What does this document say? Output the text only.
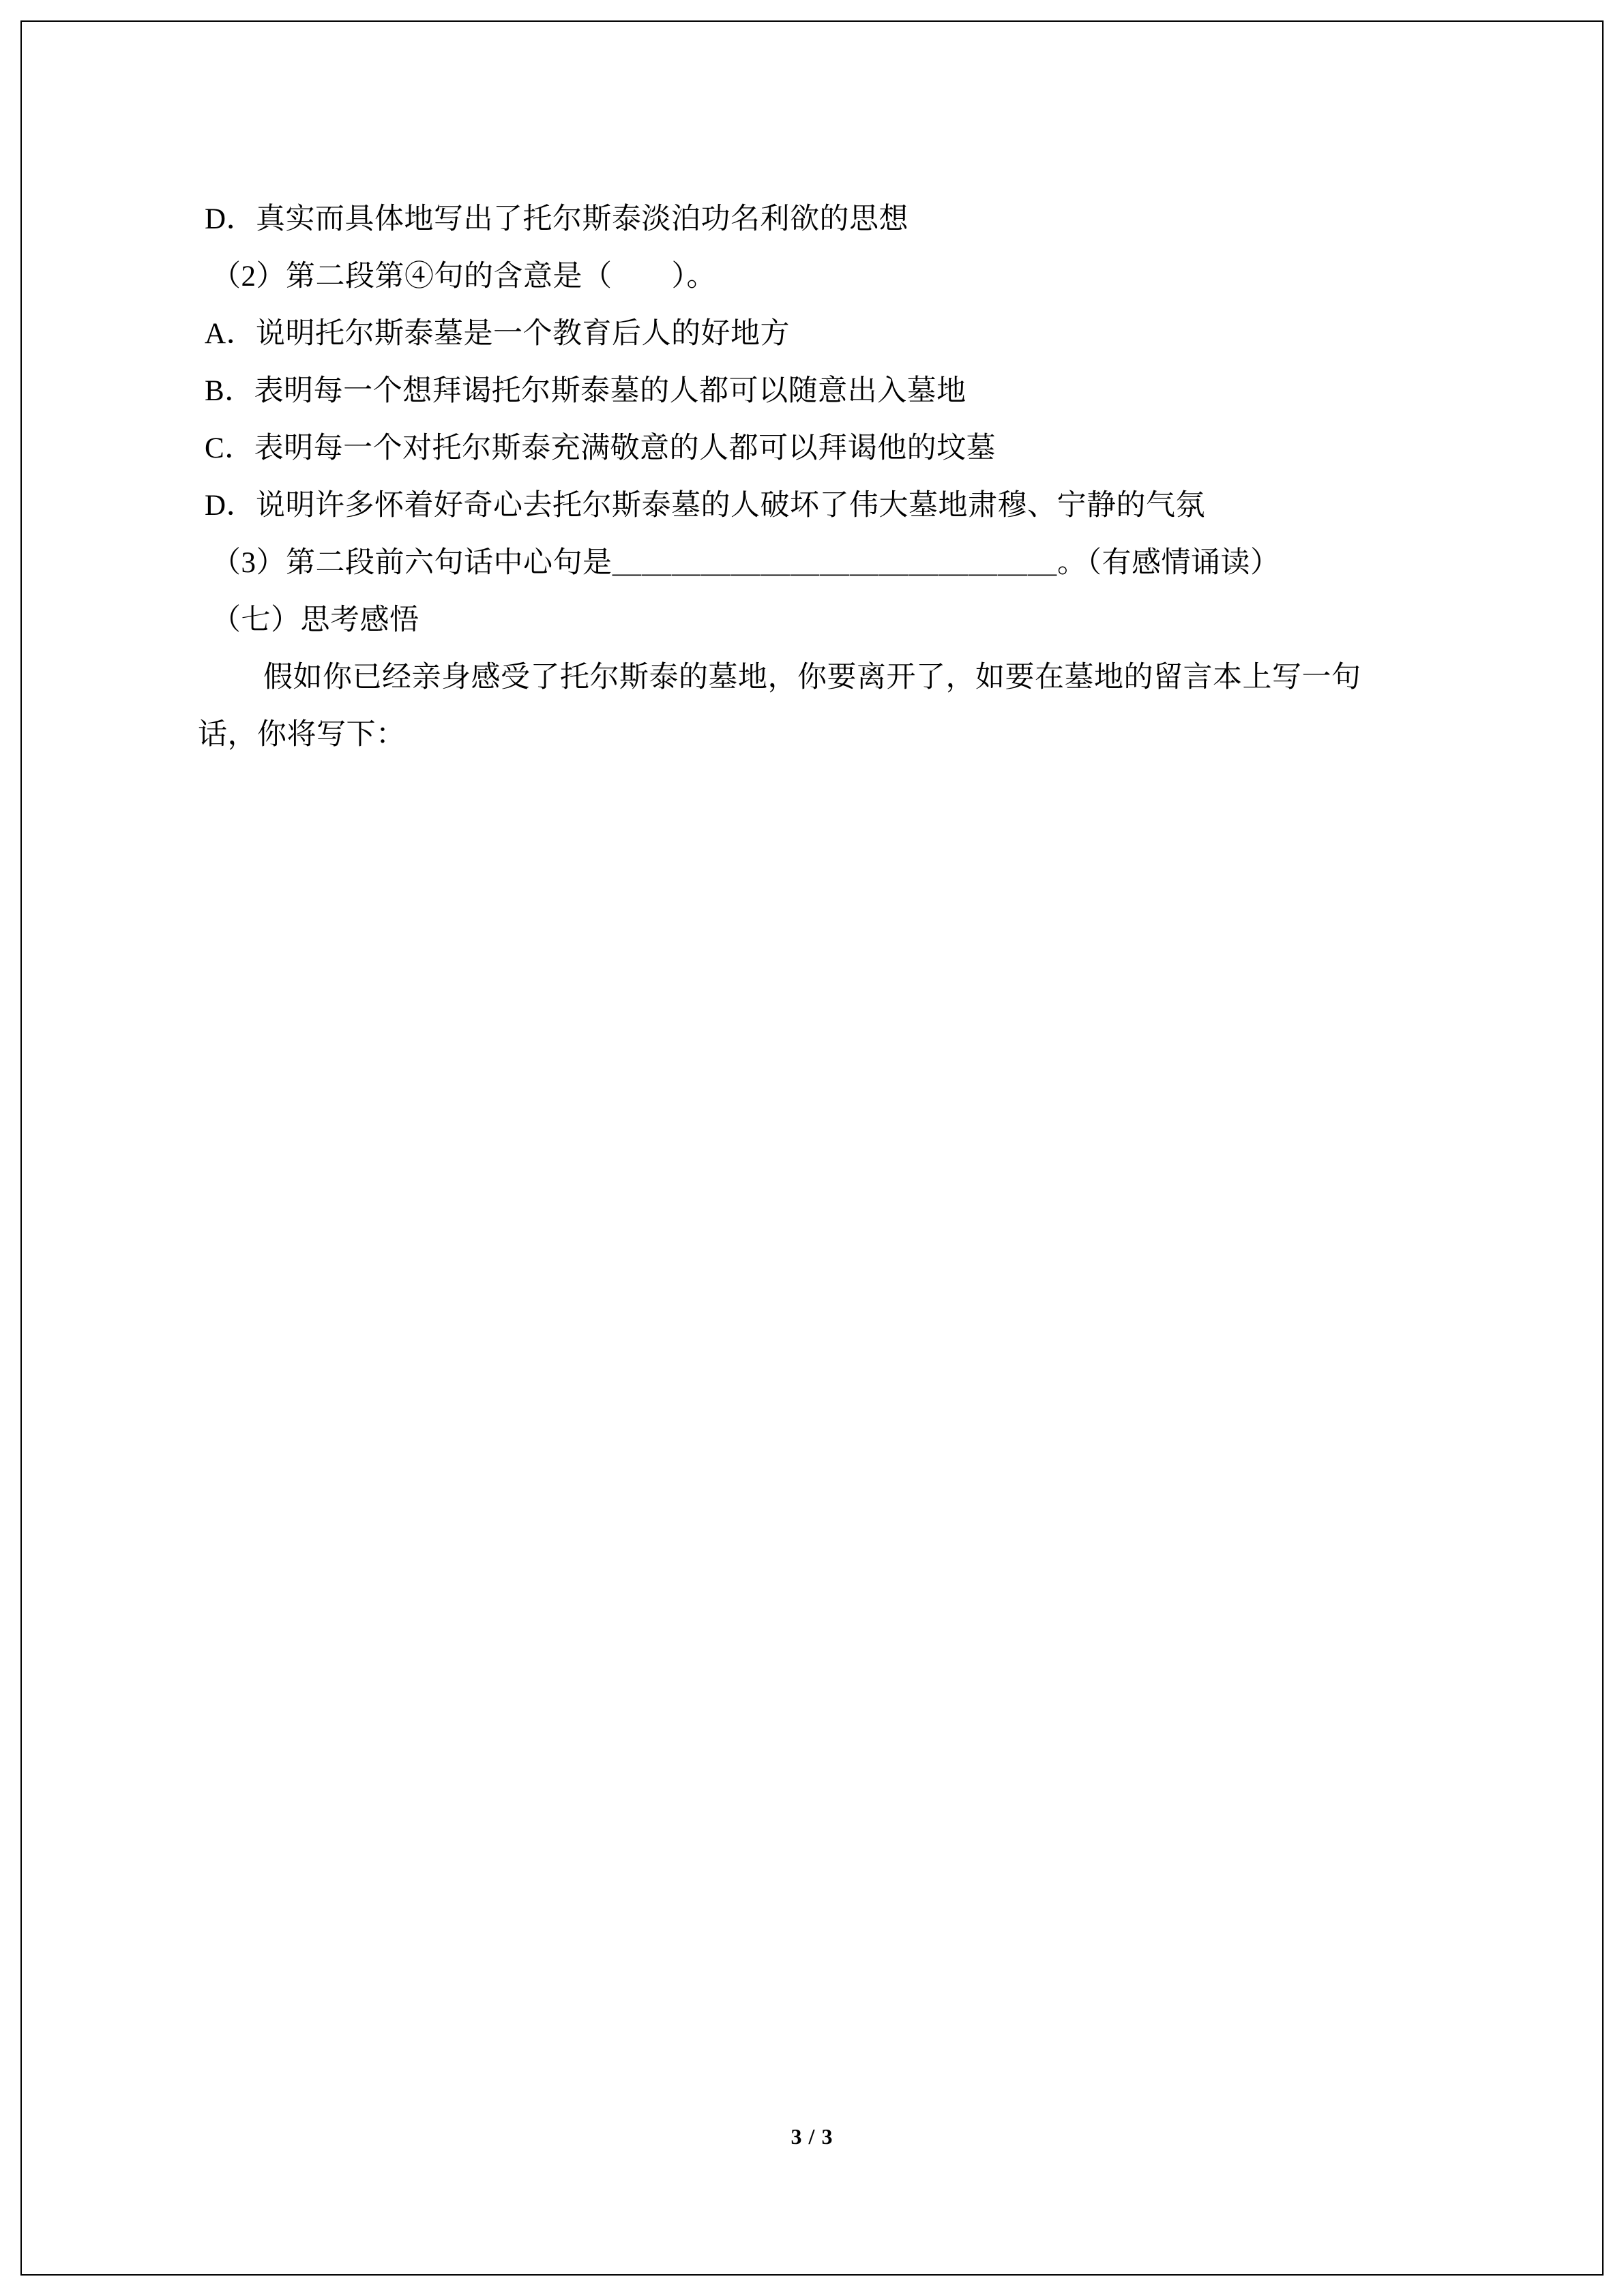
D．真实而具体地写出了托尔斯泰淡泊功名利欲的思想
（2）第二段第④句的含意是（　　）。
A．说明托尔斯泰墓是一个教育后人的好地方
B．表明每一个想拜谒托尔斯泰墓的人都可以随意出入墓地
C．表明每一个对托尔斯泰充满敬意的人都可以拜谒他的坟墓
D．说明许多怀着好奇心去托尔斯泰墓的人破坏了伟大墓地肃穆、宁静的气氛
（3）第二段前六句话中心句是＿＿＿＿＿＿＿＿＿＿＿＿＿＿＿。（有感情诵读）
（七）思考感悟
假如你已经亲身感受了托尔斯泰的墓地，你要离开了，如要在墓地的留言本上写一句
话，你将写下：
3 / 3
